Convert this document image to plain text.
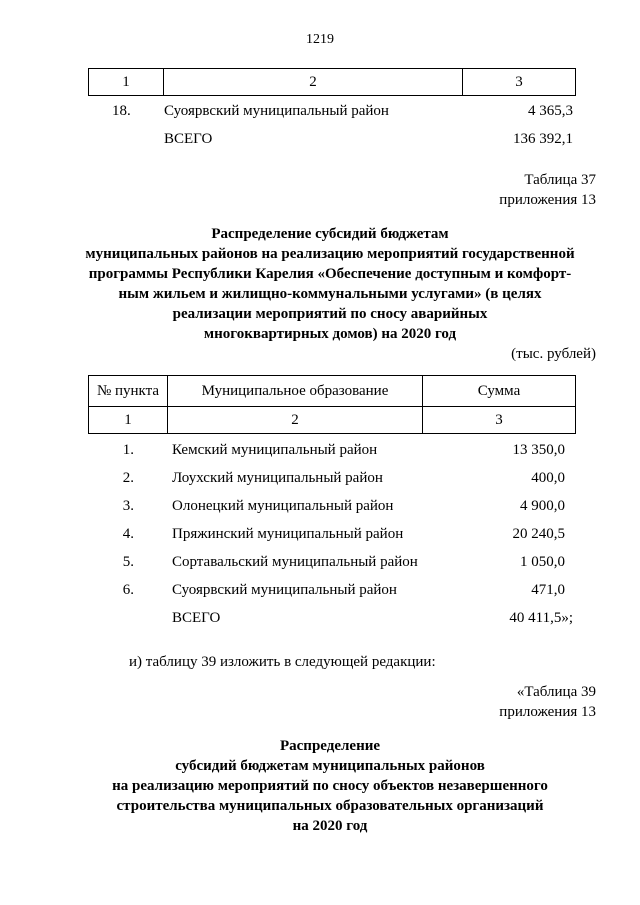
1219
1	2	3
18. Суоярвский муниципальный район	4 365,3
ВСЕГО	136 392,1
Таблица 37
приложения 13
Распределение субсидий бюджетам
муниципальных районов на реализацию мероприятий государственной
программы Республики Карелия «Обеспечение доступным и комфорт-
ным жильем и жилищно-коммунальными услугами» (в целях
реализации мероприятий по сносу аварийных
многоквартирных домов) на 2020 год
(тыс. рублей)
№ пункта	Муниципальное образование	Сумма
1	2	3
1.	Кемский муниципальный район	13 350,0
2.	Лоухский муниципальный район	400,0
3.	Олонецкий муниципальный район	4 900,0
4.	Пряжинский муниципальный район	20 240,5
5.	Сортавальский муниципальный район	1 050,0
6.	Суоярвский муниципальный район	471,0
ВСЕГО	40 411,5»;
и) таблицу 39 изложить в следующей редакции:
«Таблица 39
приложения 13
Распределение
субсидий бюджетам муниципальных районов
на реализацию мероприятий по сносу объектов незавершенного
строительства муниципальных образовательных организаций
на 2020 год
